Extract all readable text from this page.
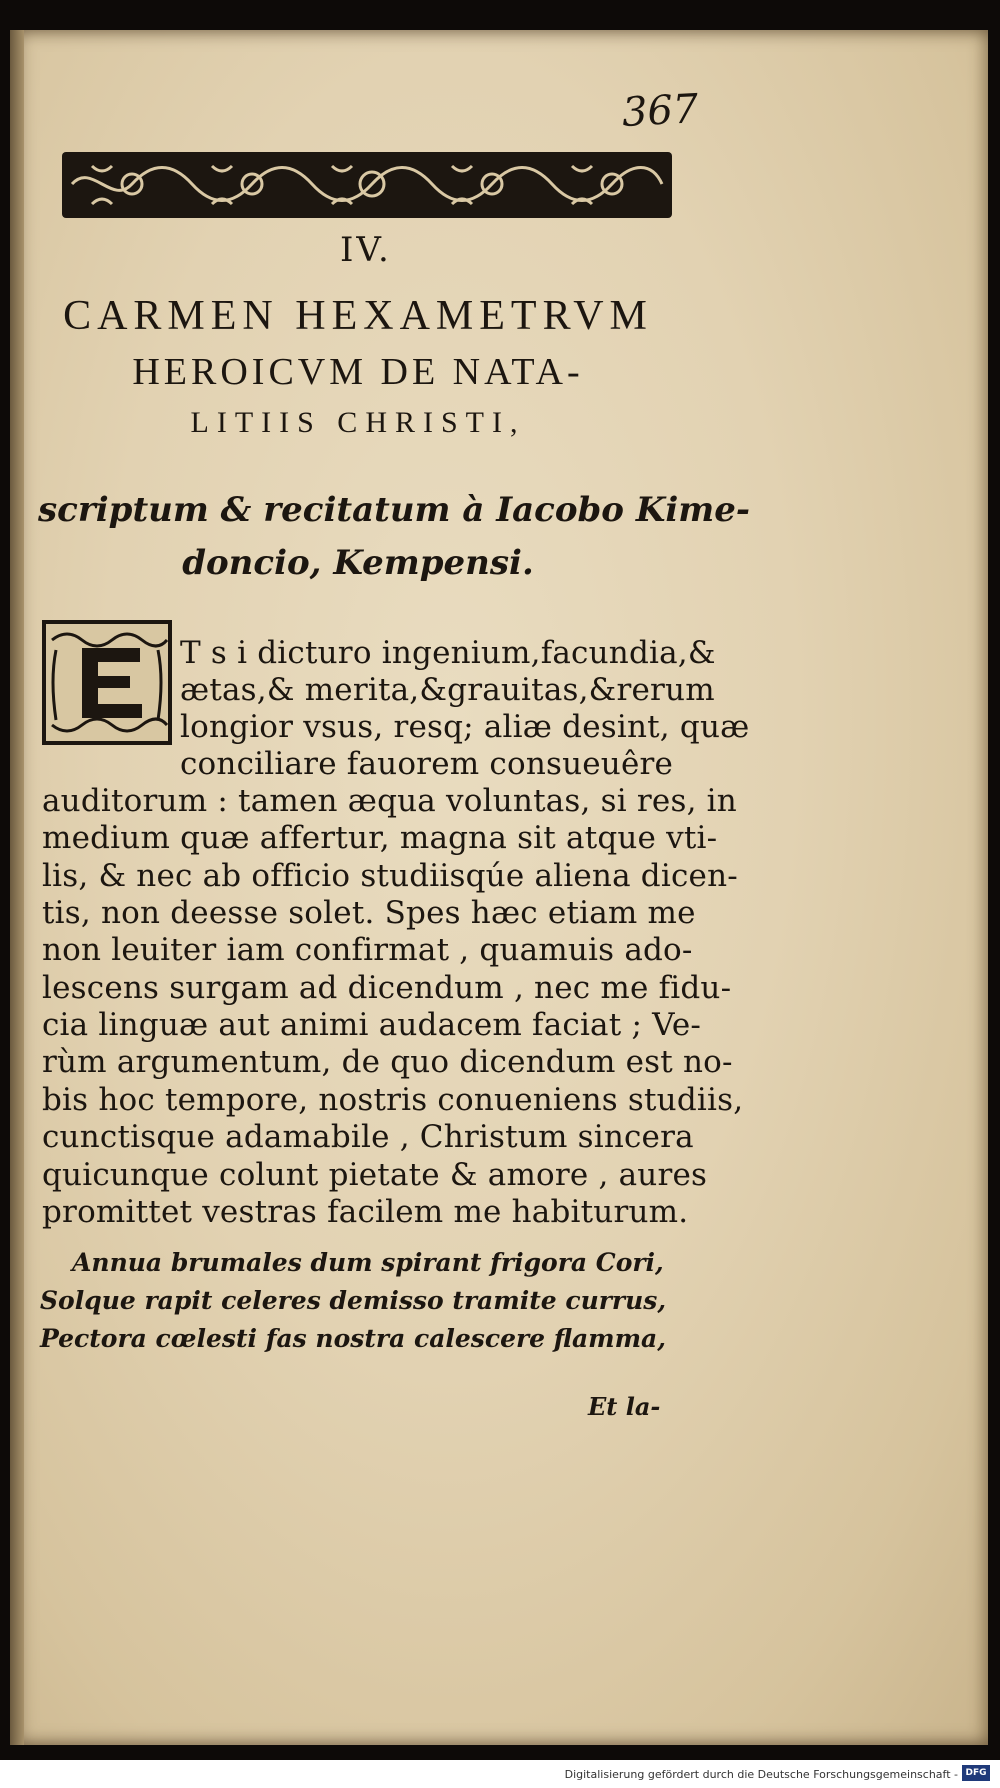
367
IV.
CARMEN HEXAMETRVM
HEROICVM DE NATA-
LITIIS CHRISTI,
scriptum & recitatum à Iacobo Kime-
doncio, Kempensi.
T s i dicturo ingenium,facundia,&
ætas,& merita,&grauitas,&rerum
longior vsus, resq; aliæ desint, quæ
conciliare fauorem consueuêre
auditorum : tamen æqua voluntas, si res, in
medium quæ affertur, magna sit atque vti-
lis, & nec ab officio studiisqúe aliena dicen-
tis, non deesse solet. Spes hæc etiam me
non leuiter iam confirmat , quamuis ado-
lescens surgam ad dicendum , nec me fidu-
cia linguæ aut animi audacem faciat ; Ve-
rùm argumentum, de quo dicendum est no-
bis hoc tempore, nostris conueniens studiis,
cunctisque adamabile , Christum sincera
quicunque colunt pietate & amore , aures
promittet vestras facilem me habiturum.
Annua brumales dum spirant frigora Cori,
Solque rapit celeres demisso tramite currus,
Pectora cœlesti fas nostra calescere flamma,
Et la-
Digitalisierung gefördert durch die Deutsche Forschungsgemeinschaft - DFG
